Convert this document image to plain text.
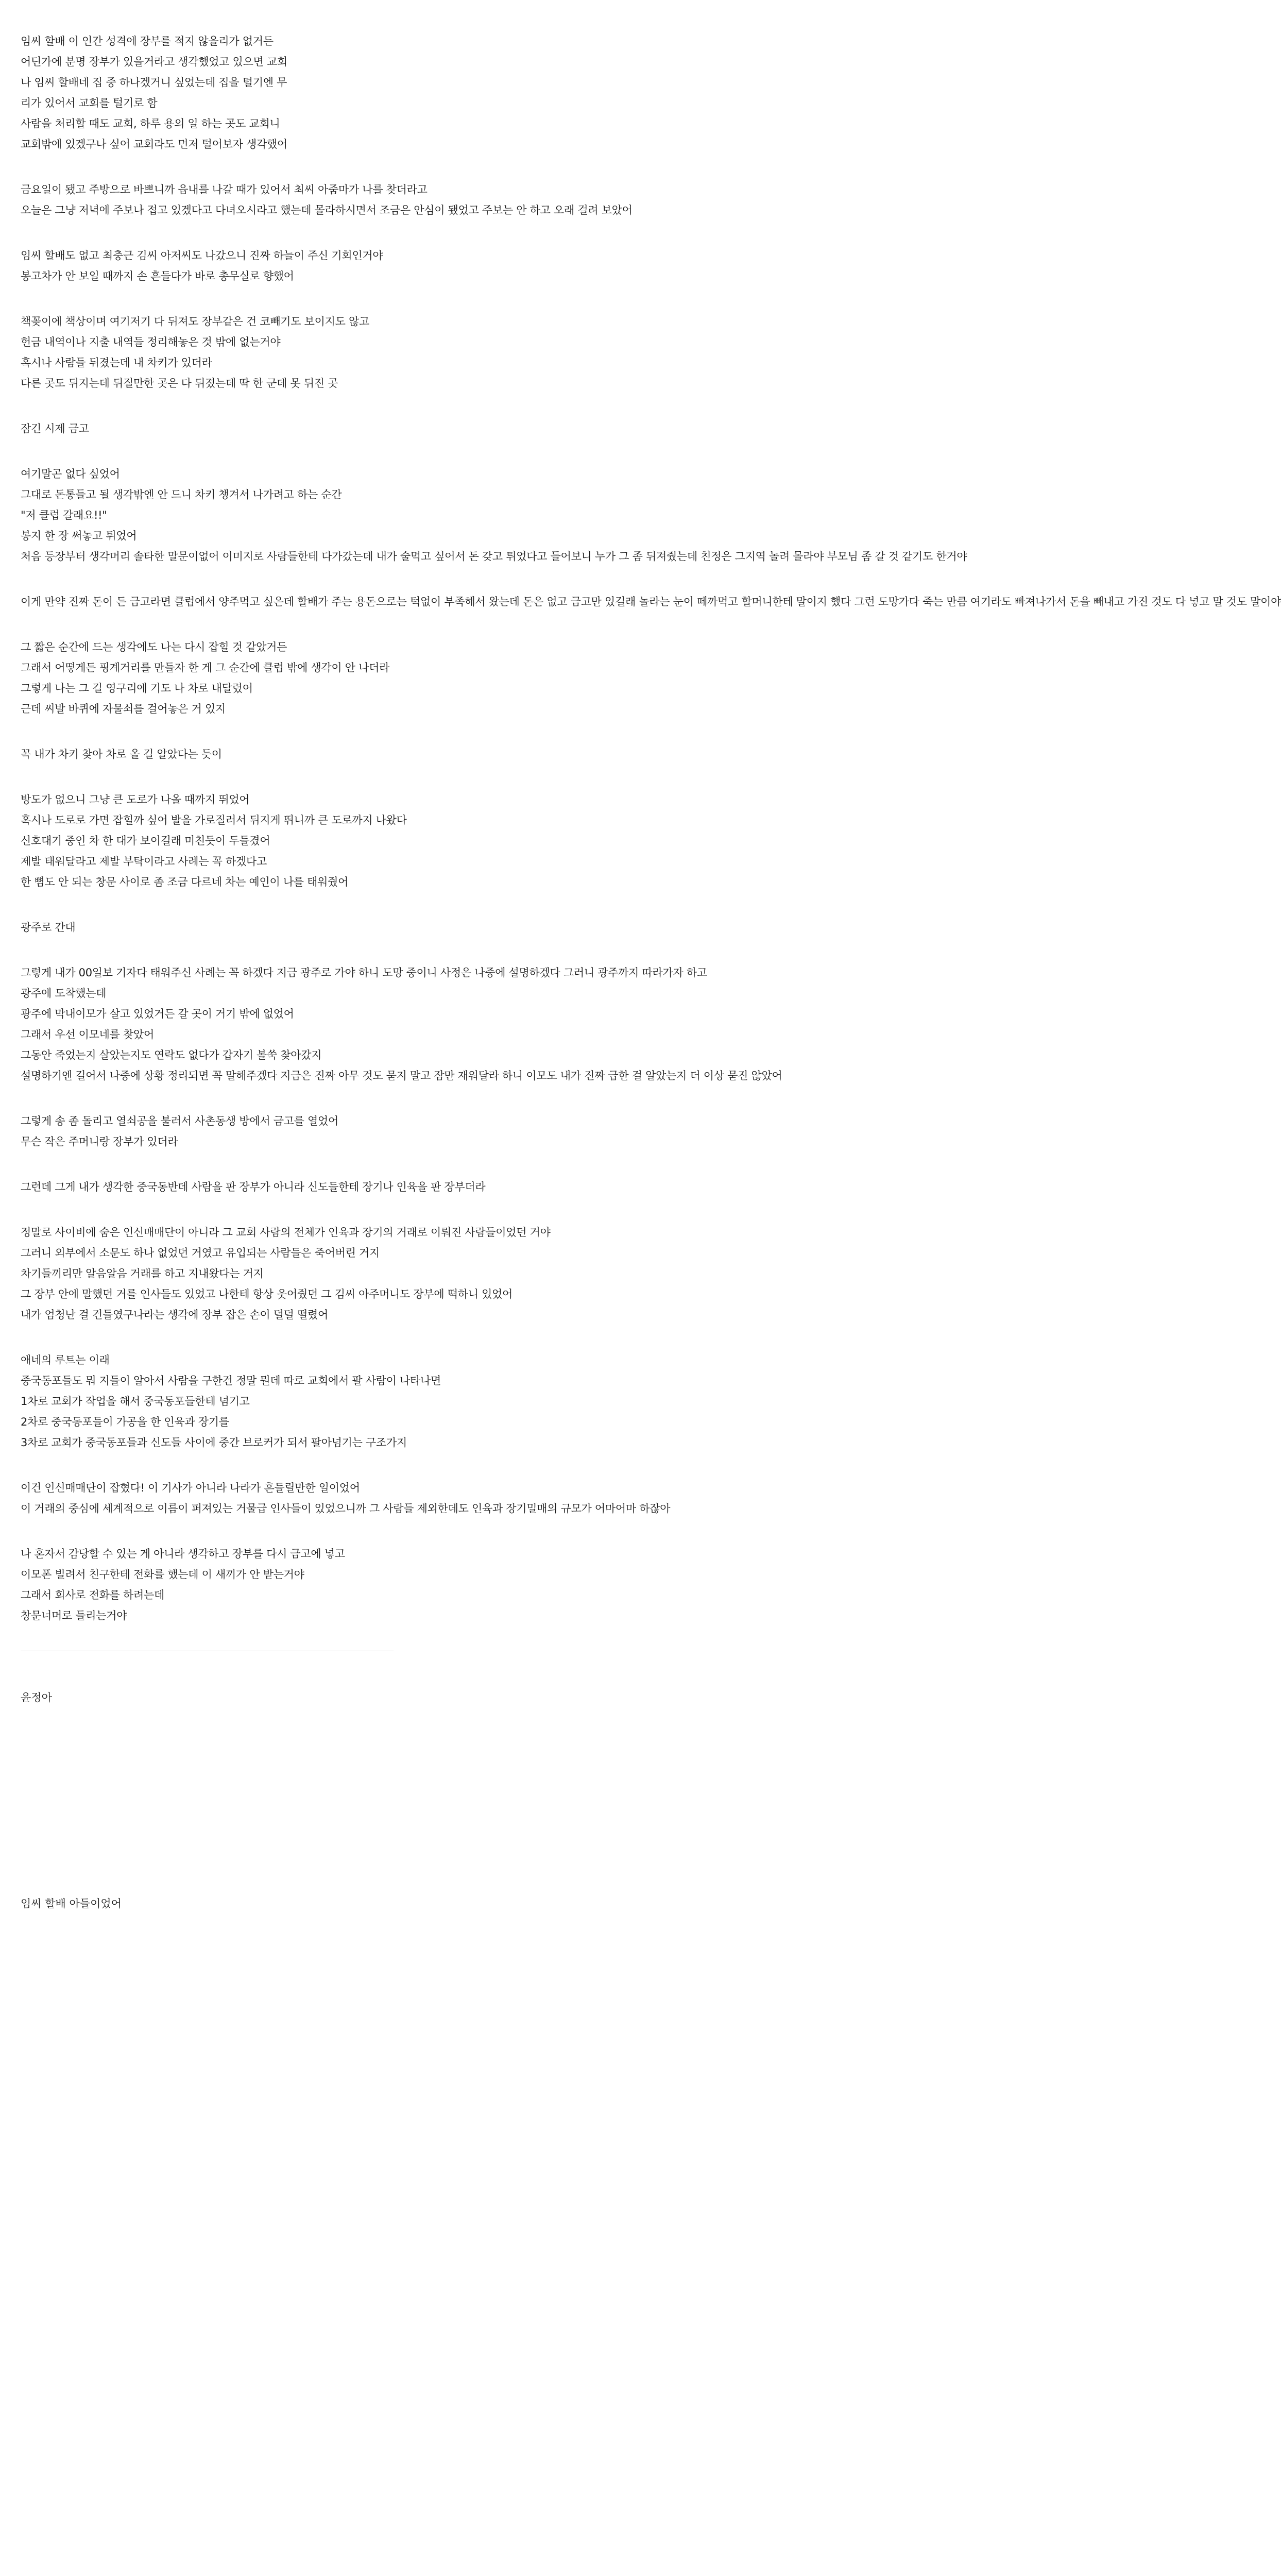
임씨 할배 이 인간 성격에 장부를 적지 않을리가 없거든
어딘가에 분명 장부가 있을거라고 생각했었고 있으면 교회
나 임씨 할배네 집 중 하나겠거니 싶었는데 집을 털기엔 무
리가 있어서 교회를 털기로 함
사람을 처리할 때도 교회, 하루 용의 일 하는 곳도 교회니
교회밖에 있겠구나 싶어 교회라도 먼저 털어보자 생각했어
금요일이 됐고 주방으로 바쁘니까 읍내를 나갈 때가 있어서 최씨 아줌마가 나를 찾더라고
오늘은 그냥 저녁에 주보나 접고 있겠다고 다녀오시라고 했는데 몰라하시면서 조금은 안심이 됐었고 주보는 안 하고 오래 걸려 보았어
임씨 할배도 없고 최충근 김씨 아저씨도 나갔으니 진짜 하늘이 주신 기회인거야
봉고차가 안 보일 때까지 손 흔들다가 바로 총무실로 향했어
책꽂이에 책상이며 여기저기 다 뒤져도 장부같은 건 코빼기도 보이지도 않고
헌금 내역이나 지출 내역들 정리해놓은 것 밖에 없는거야
혹시나 사람들 뒤졌는데 내 차키가 있더라
다른 곳도 뒤지는데 뒤질만한 곳은 다 뒤졌는데 딱 한 군데 못 뒤진 곳
잠긴 시제 금고
여기말곤 없다 싶었어
그대로 돈통들고 될 생각밖엔 안 드니 차키 챙겨서 나가려고 하는 순간
"저 클럽 갈래요!!"
봉지 한 장 써놓고 튀었어
처음 등장부터 생각머리 솔타한 말문이없어 이미지로 사람들한테 다가갔는데 내가 술먹고 싶어서 돈 갖고 튀었다고 들어보니 누가 그 좀 뒤져줬는데 친정은 그지역 놀려 몰라야 부모님 좀 갈 것 같기도 한거야
이게 만약 진짜 돈이 든 금고라면 클럽에서 양주먹고 싶은데 할배가 주는 용돈으로는 턱없이 부족해서 왔는데 돈은 없고 금고만 있길래 놀라는 눈이 떼까먹고 할머니한테 말이지 했다 그런 도망가다 죽는 만큼 여기라도 빠져나가서 돈을 빼내고 가진 것도 다 넣고 말 것도 말이야
그 짧은 순간에 드는 생각에도 나는 다시 잡힐 것 같았거든
그래서 어떻게든 핑계거리를 만들자 한 게 그 순간에 클럽 밖에 생각이 안 나더라
그렇게 나는 그 길 영구리에 기도 나 차로 내달렸어
근데 씨발 바퀴에 자물쇠를 걸어놓은 거 있지
꼭 내가 차키 찾아 차로 올 길 알았다는 듯이
방도가 없으니 그냥 큰 도로가 나올 때까지 뛰었어
혹시나 도로로 가면 잡힐까 싶어 발을 가로질러서 뒤지게 뛰니까 큰 도로까지 나왔다
신호대기 중인 차 한 대가 보이길래 미친듯이 두들겼어
제발 태워달라고 제발 부탁이라고 사례는 꼭 하겠다고
한 뼘도 안 되는 창문 사이로 좀 조금 다르네 차는 예인이 나를 태워줬어
광주로 간대
그렇게 내가 00일보 기자다 태워주신 사례는 꼭 하겠다 지금 광주로 가야 하니 도망 중이니 사정은 나중에 설명하겠다 그러니 광주까지 따라가자 하고
광주에 도착했는데
광주에 막내이모가 살고 있었거든 갈 곳이 거기 밖에 없었어
그래서 우선 이모네를 찾았어
그동안 죽었는지 살았는지도 연락도 없다가 갑자기 볼쑥 찾아갔지
설명하기엔 길어서 나중에 상황 정리되면 꼭 말해주겠다 지금은 진짜 아무 것도 묻지 말고 잠만 재워달라 하니 이모도 내가 진짜 급한 걸 알았는지 더 이상 묻진 않았어
그렇게 송 좀 돌리고 열쇠공을 불러서 사촌동생 방에서 금고를 열었어
무슨 작은 주머니랑 장부가 있더라
그런데 그게 내가 생각한 중국동반데 사람을 판 장부가 아니라 신도들한테 장기나 인육을 판 장부더라
정말로 사이비에 숨은 인신매매단이 아니라 그 교회 사람의 전체가 인육과 장기의 거래로 이뤄진 사람들이었던 거야
그러니 외부에서 소문도 하나 없었던 거였고 유입되는 사람들은 죽어버린 거지
차기들끼리만 알음알음 거래를 하고 지내왔다는 거지
그 장부 안에 말했던 거를 인사들도 있었고 나한테 항상 웃어줬던 그 김씨 아주머니도 장부에 떡하니 있었어
내가 엄청난 걸 건들였구나라는 생각에 장부 잡은 손이 덜덜 떨렸어
애네의 루트는 이래
중국동포들도 뭐 지들이 알아서 사람을 구한건 정말 뭔데 따로 교회에서 팔 사람이 나타나면
1차로 교회가 작업을 해서 중국동포들한테 넘기고
2차로 중국동포들이 가공을 한 인육과 장기를
3차로 교회가 중국동포들과 신도들 사이에 중간 브로커가 되서 팔아넘기는 구조가지
이건 인신매매단이 잡혔다! 이 기사가 아니라 나라가 흔들릴만한 일이었어
이 거래의 중심에 세계적으로 이름이 퍼져있는 거물급 인사들이 있었으니까 그 사람들 제외한데도 인육과 장기밀매의 규모가 어마어마 하잖아
나 혼자서 감당할 수 있는 게 아니라 생각하고 장부를 다시 금고에 넣고
이모폰 빌려서 친구한테 전화를 했는데 이 새끼가 안 받는거야
그래서 회사로 전화를 하려는데
창문너머로 들리는거야
윤정아
임씨 할배 아들이었어
